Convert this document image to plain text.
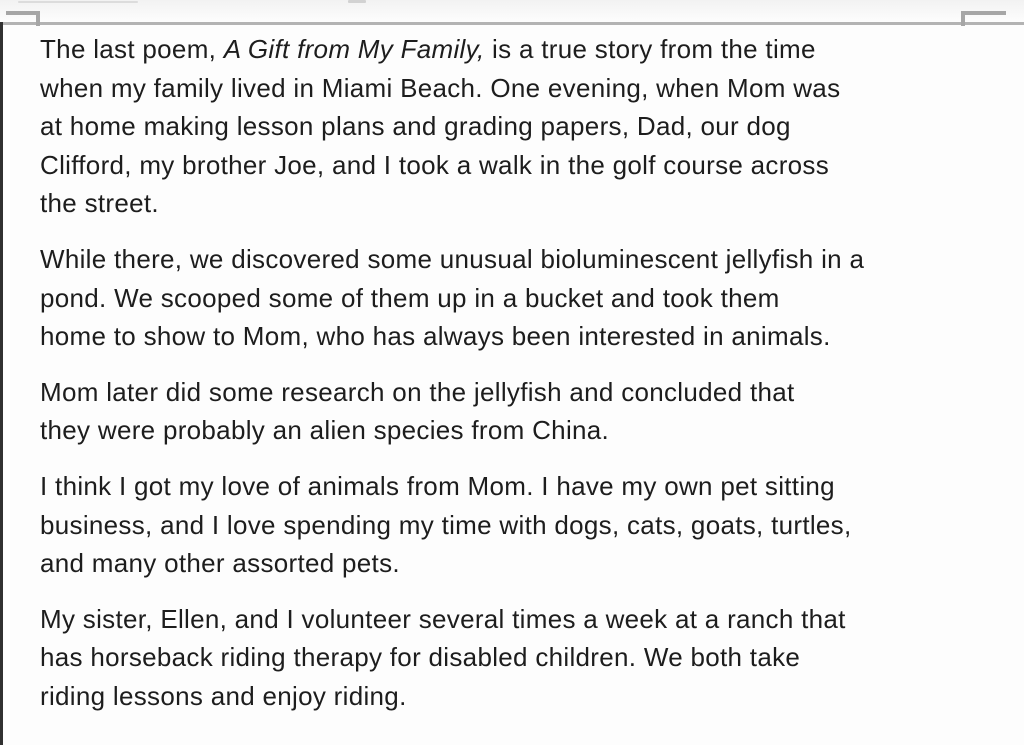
The last poem, A Gift from My Family, is a true story from the time
when my family lived in Miami Beach. One evening, when Mom was
at home making lesson plans and grading papers, Dad, our dog
Clifford, my brother Joe, and I took a walk in the golf course across
the street.

While there, we discovered some unusual bioluminescent jellyfish in a
pond. We scooped some of them up in a bucket and took them
home to show to Mom, who has always been interested in animals.

Mom later did some research on the jellyfish and concluded that
they were probably an alien species from China.

I think I got my love of animals from Mom. I have my own pet sitting
business, and I love spending my time with dogs, cats, goats, turtles,
and many other assorted pets.

My sister, Ellen, and I volunteer several times a week at a ranch that
has horseback riding therapy for disabled children. We both take
riding lessons and enjoy riding.
